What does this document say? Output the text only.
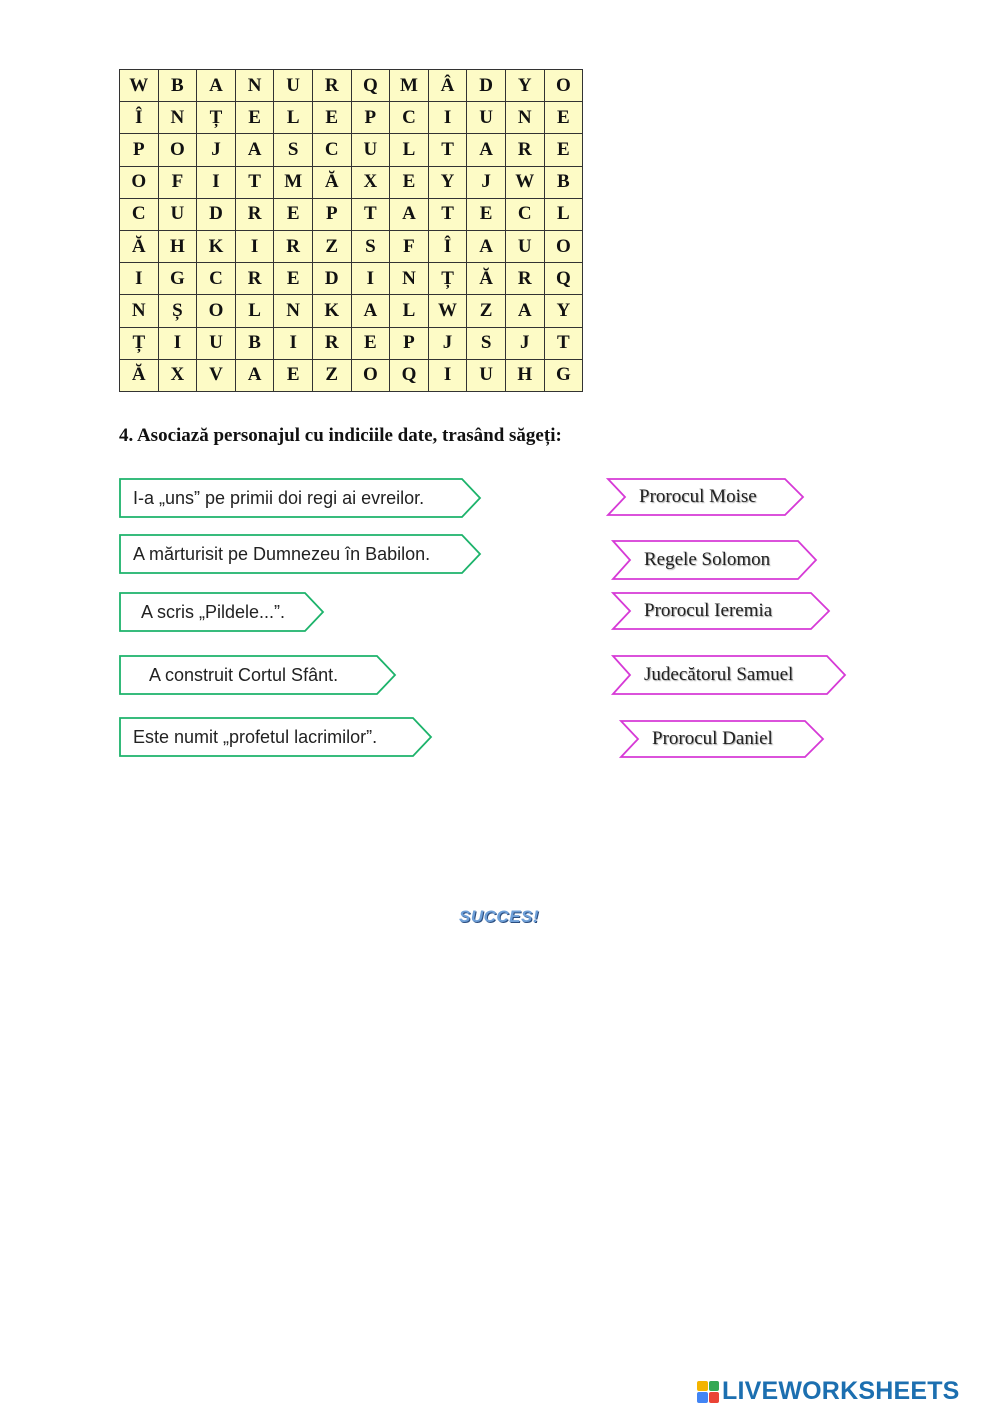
W	B	A	N	U	R	Q	M	Â	D	Y	O
Î	N	Ț	E	L	E	P	C	I	U	N	E
P	O	J	A	S	C	U	L	T	A	R	E
O	F	I	T	M	Ă	X	E	Y	J	W	B
C	U	D	R	E	P	T	A	T	E	C	L
Ă	H	K	I	R	Z	S	F	Î	A	U	O
I	G	C	R	E	D	I	N	Ț	Ă	R	Q
N	Ș	O	L	N	K	A	L	W	Z	A	Y
Ț	I	U	B	I	R	E	P	J	S	J	T
Ă	X	V	A	E	Z	O	Q	I	U	H	G
4. Asociază personajul cu indiciile date, trasând săgeți:
I-a „uns” pe primii doi regi ai evreilor.
A mărturisit pe Dumnezeu în Babilon.
A scris „Pildele...”.
A construit Cortul Sfânt.
Este numit „profetul lacrimilor”.
Prorocul Moise
Regele Solomon
Prorocul Ieremia
Judecătorul Samuel
Prorocul Daniel
SUCCES!
LIVEWORKSHEETS
